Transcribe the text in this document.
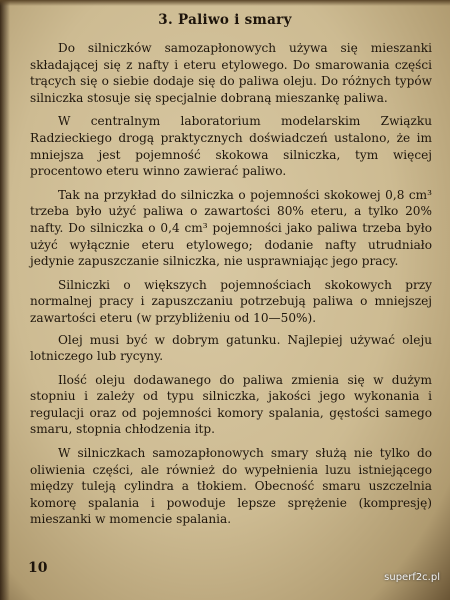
3. Paliwo i smary

Do silniczków samozapłonowych używa się mieszanki składającej się z nafty i eteru etylowego. Do smarowania części trących się o siebie dodaje się do paliwa oleju. Do różnych typów silniczka stosuje się specjalnie dobraną mieszankę paliwa.

W centralnym laboratorium modelarskim Związku Radzieckiego drogą praktycznych doświadczeń ustalono, że im mniejsza jest pojemność skokowa silniczka, tym więcej procentowo eteru winno zawierać paliwo.

Tak na przykład do silniczka o pojemności skokowej 0,8 cm³ trzeba było użyć paliwa o zawartości 80% eteru, a tylko 20% nafty. Do silniczka o 0,4 cm³ pojemności jako paliwa trzeba było użyć wyłącznie eteru etylowego; dodanie nafty utrudniało jedynie zapuszczanie silniczka, nie usprawniając jego pracy.

Silniczki o większych pojemnościach skokowych przy normalnej pracy i zapuszczaniu potrzebują paliwa o mniejszej zawartości eteru (w przybliżeniu od 10—50%).

Olej musi być w dobrym gatunku. Najlepiej używać oleju lotniczego lub rycyny.

Ilość oleju dodawanego do paliwa zmienia się w dużym stopniu i zależy od typu silniczka, jakości jego wykonania i regulacji oraz od pojemności komory spalania, gęstości samego smaru, stopnia chłodzenia itp.

W silniczkach samozapłonowych smary służą nie tylko do oliwienia części, ale również do wypełnienia luzu istniejącego między tuleją cylindra a tłokiem. Obecność smaru uszczelnia komorę spalania i powoduje lepsze sprężenie (kompresję) mieszanki w momencie spalania.

10
superf2c.pl
